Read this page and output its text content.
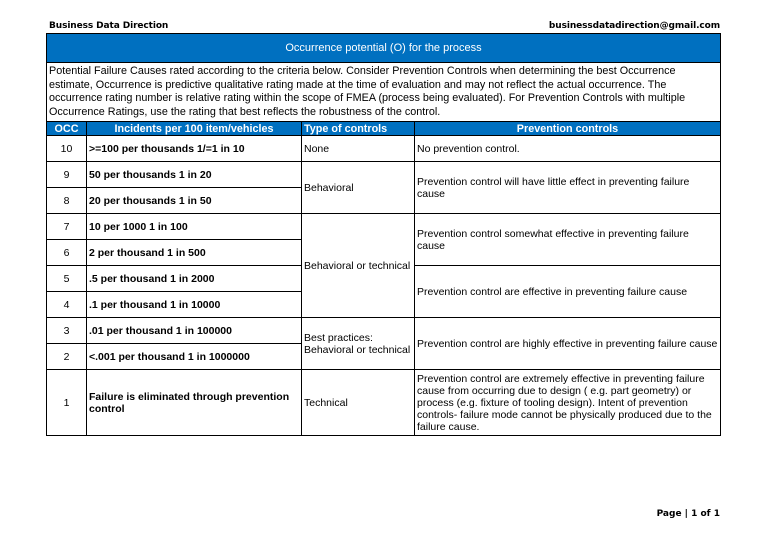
Business Data Direction	businessdatadirection@gmail.com
Occurrence potential (O) for the process			
Potential Failure Causes rated according to the criteria below. Consider Prevention Controls when determining the best Occurrence estimate, Occurrence is predictive qualitative rating made at the time of evaluation and may not reflect the actual occurrence. The occurrence rating number is relative rating within the scope of FMEA (process being evaluated). For Prevention Controls with multiple Occurrence Ratings, use the rating that best reflects the robustness of the control.			
OCC	Incidents per 100 item/vehicles	Type of controls	Prevention controls
10	>=100 per thousands 1/=1 in 10	None	No prevention control.
9	50 per thousands 1 in 20	Behavioral	Prevention control will have little effect in preventing failure cause
8	20 per thousands 1 in 50		
7	10 per 1000 1 in 100	Behavioral or technical	Prevention control somewhat effective in preventing failure cause
6	2 per thousand 1 in 500		
5	.5 per thousand 1 in 2000		Prevention control are effective in preventing failure cause
4	.1 per thousand 1 in 10000		
3	.01 per thousand 1 in 100000	Best practices: Behavioral or technical	Prevention control are highly effective in preventing failure cause
2	<.001 per thousand 1 in 1000000		
1	Failure is eliminated through prevention control	Technical	Prevention control are extremely effective in preventing failure cause from occurring due to design ( e.g. part geometry) or process (e.g. fixture of tooling design). Intent of prevention controls- failure mode cannot be physically produced due to the failure cause.
Page | 1 of 1
